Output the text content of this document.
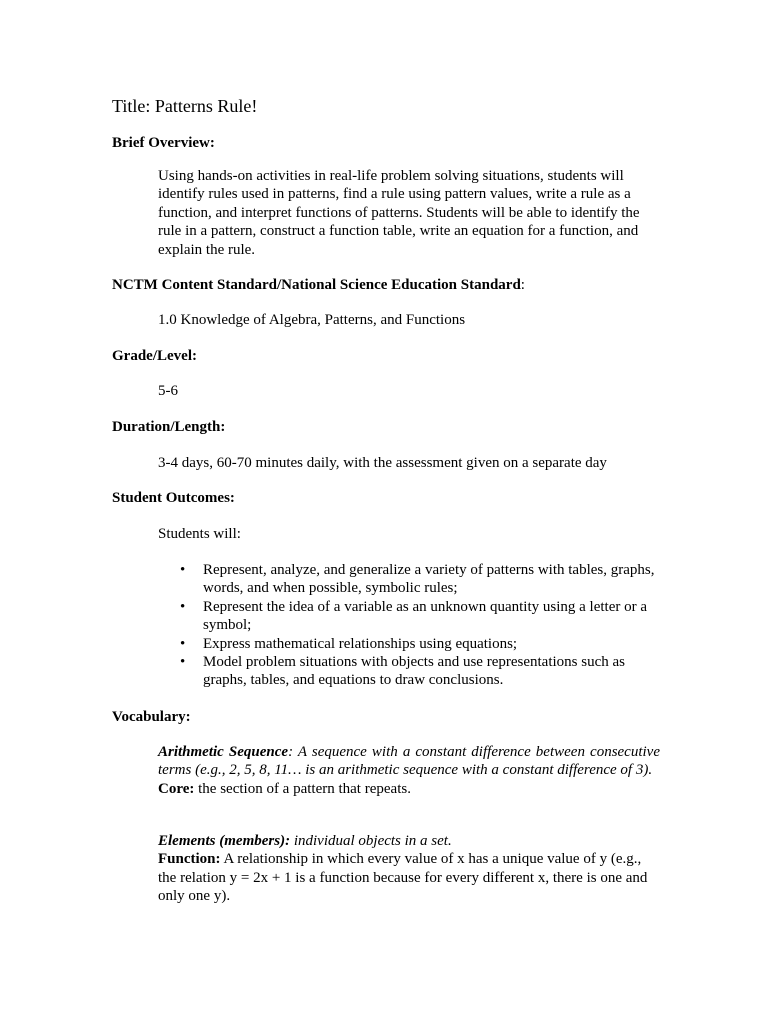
Title: Patterns Rule!
Brief Overview:
Using hands-on activities in real-life problem solving situations, students will identify rules used in patterns, find a rule using pattern values, write a rule as a function, and interpret functions of patterns. Students will be able to identify the rule in a pattern, construct a function table, write an equation for a function, and explain the rule.
NCTM Content Standard/National Science Education Standard:
1.0 Knowledge of Algebra, Patterns, and Functions
Grade/Level:
5-6
Duration/Length:
3-4 days, 60-70 minutes daily, with the assessment given on a separate day
Student Outcomes:
Students will:
• Represent, analyze, and generalize a variety of patterns with tables, graphs, words, and when possible, symbolic rules;
• Represent the idea of a variable as an unknown quantity using a letter or a symbol;
• Express mathematical relationships using equations;
• Model problem situations with objects and use representations such as graphs, tables, and equations to draw conclusions.
Vocabulary:
Arithmetic Sequence: A sequence with a constant difference between consecutive terms (e.g., 2, 5, 8, 11… is an arithmetic sequence with a constant difference of 3).
Core: the section of a pattern that repeats.
Elements (members): individual objects in a set.
Function: A relationship in which every value of x has a unique value of y (e.g., the relation y = 2x + 1 is a function because for every different x, there is one and only one y).
